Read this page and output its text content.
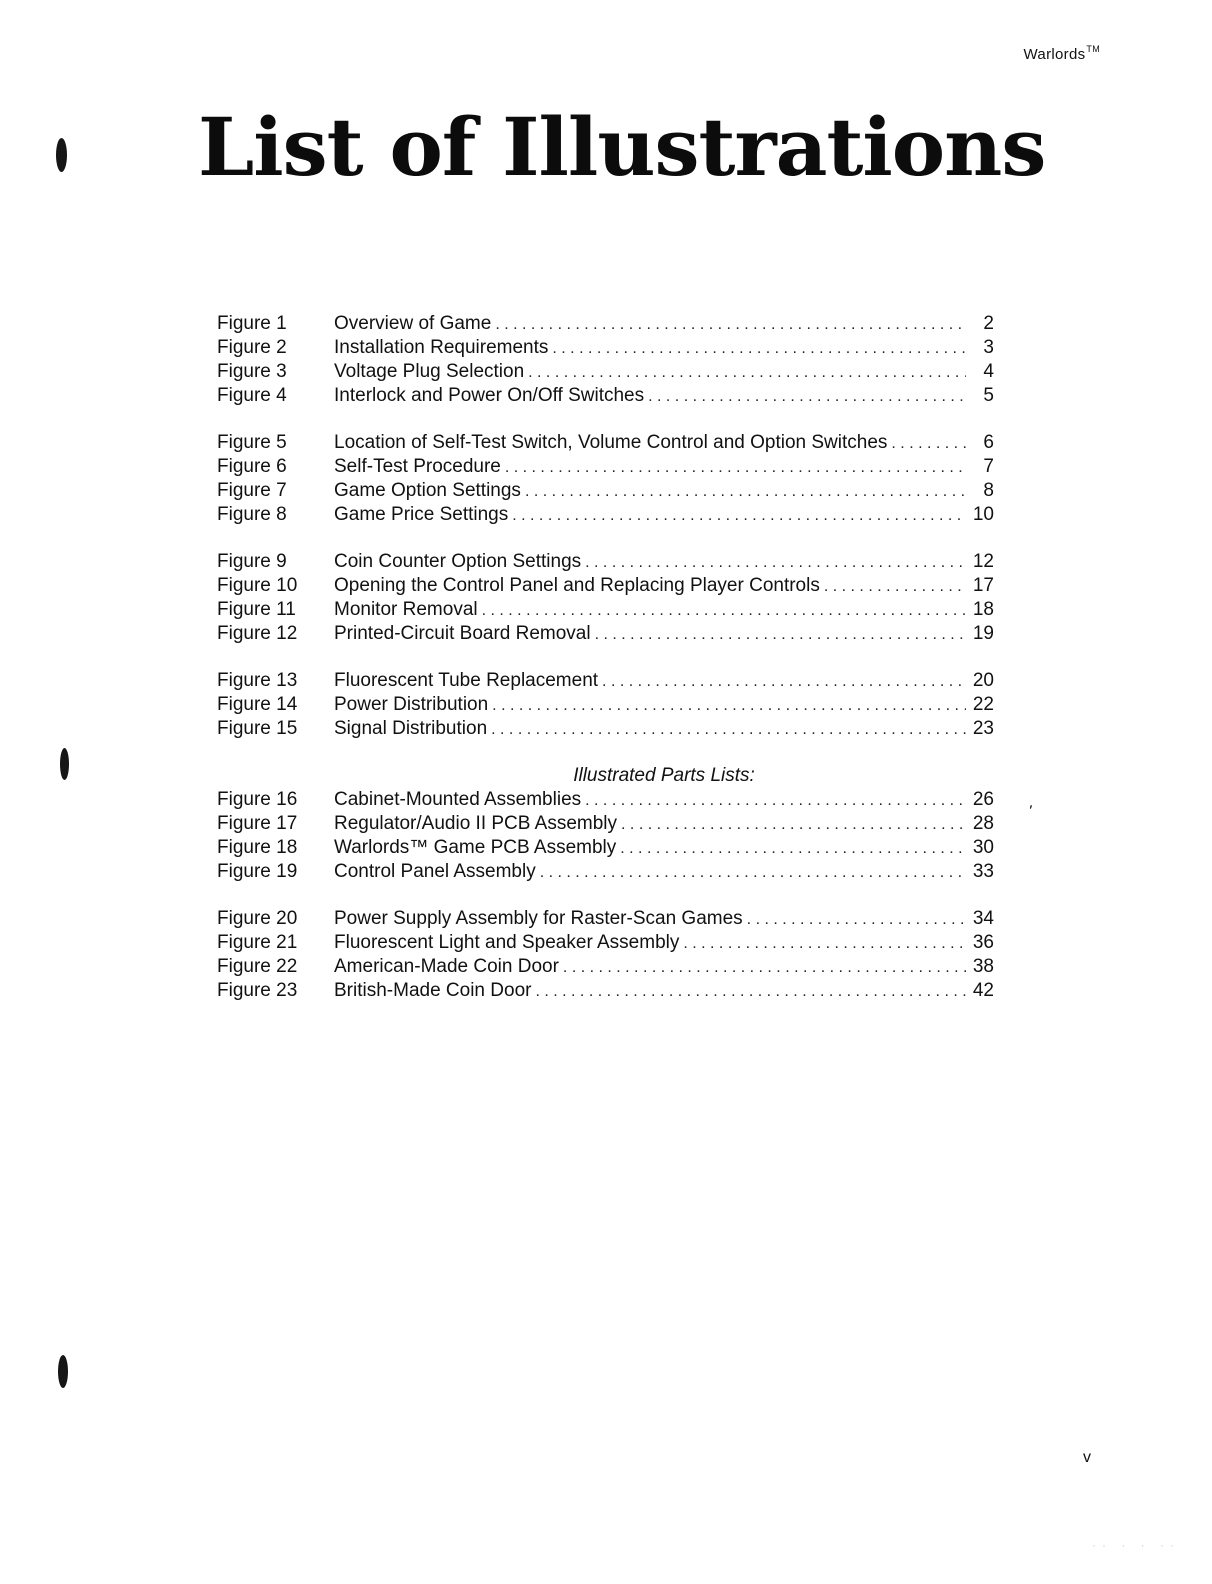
Warlords™
List of Illustrations
Figure 1	Overview of Game . . .	2
Figure 2	Installation Requirements . . .	3
Figure 3	Voltage Plug Selection . . .	4
Figure 4	Interlock and Power On/Off Switches . . .	5
Figure 5	Location of Self-Test Switch, Volume Control and Option Switches . . .	6
Figure 6	Self-Test Procedure . . .	7
Figure 7	Game Option Settings . . .	8
Figure 8	Game Price Settings . . .	10
Figure 9	Coin Counter Option Settings . . .	12
Figure 10	Opening the Control Panel and Replacing Player Controls . . .	17
Figure 11	Monitor Removal . . .	18
Figure 12	Printed-Circuit Board Removal . . .	19
Figure 13	Fluorescent Tube Replacement . . .	20
Figure 14	Power Distribution . . .	22
Figure 15	Signal Distribution . . .	23
Illustrated Parts Lists:
Figure 16	Cabinet-Mounted Assemblies . . .	26
Figure 17	Regulator/Audio II PCB Assembly . . .	28
Figure 18	Warlords™ Game PCB Assembly . . .	30
Figure 19	Control Panel Assembly . . .	33
Figure 20	Power Supply Assembly for Raster-Scan Games . . .	34
Figure 21	Fluorescent Light and Speaker Assembly . . .	36
Figure 22	American-Made Coin Door . . .	38
Figure 23	British-Made Coin Door . . .	42
'
v
·· · · ··
